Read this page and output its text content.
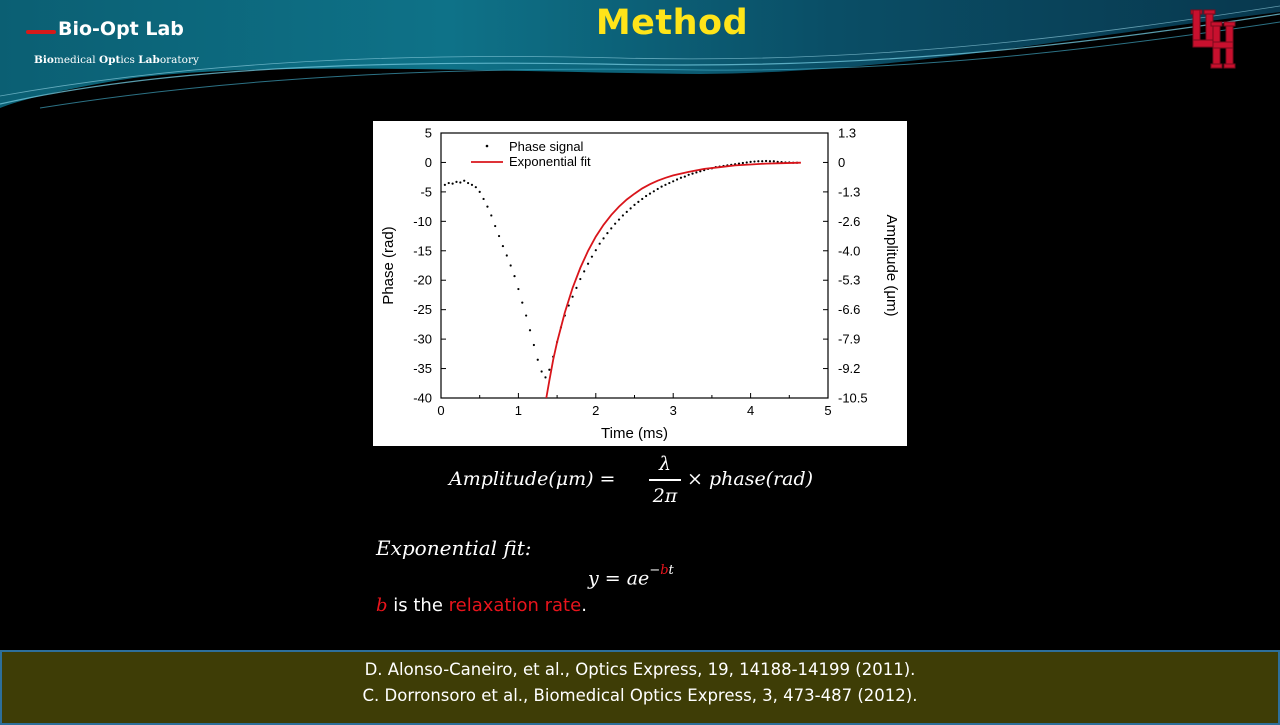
Bio-Opt Lab
Biomedical Optics Laboratory
Method
0	1	2	3	4	5
5	1.3
0	0
-5	-1.3
-10	-2.6
-15	-4.0
-20	-5.3
-25	-6.6
-30	-7.9
-35	-9.2
-40	-10.5
Time (ms)
Phase (rad)	Amplitude (μm)
Phase signal
Exponential fit
Amplitude(μm) =
λ
2π
× phase(rad)
Exponential fit:
$y = ae^{-bt}$
b is the relaxation rate.
D. Alonso-Caneiro, et al., Optics Express, 19, 14188-14199 (2011).
C. Dorronsoro et al., Biomedical Optics Express, 3, 473-487 (2012).
